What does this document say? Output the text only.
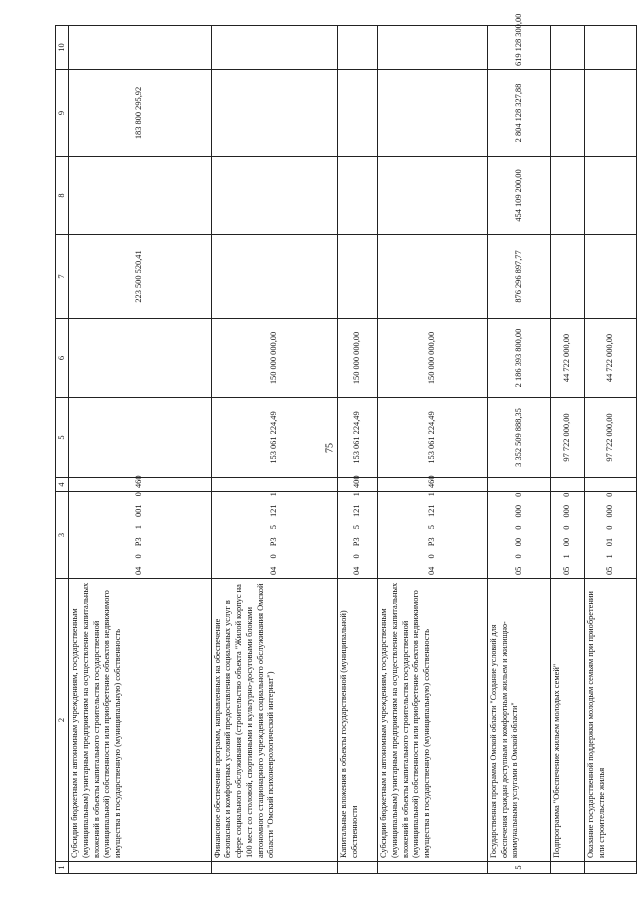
75
1	2	3	4	5	6	7	8	9	10
	Субсидии бюджетным и автономным учреждениям, государственным (муниципальным) унитарным предприятиям на осуществление капитальных вложений в объекты капитального строительства государственной (муниципальной) собственности или приобретение объектов недвижимого имущества в государственную (муниципальную) собственность	04 0 P3 1 001 0	460			223 500 520,41		183 800 295,92	
	Финансовое обеспечение программ, направленных на обеспечение безопасных и комфортных условий предоставления социальных услуг в сфере социального обслуживания (строительство объекта "Жилой корпус на 100 мест со столовой, спортивными и культурно-досуговыми блоками автономного стационарного учреждения социального обслуживания Омской области "Омский психоневрологический интернат")	04 0 P3 5 121 1		153 061 224,49	150 000 000,00				
	Капитальные вложения в объекты государственной (муниципальной) собственности	04 0 P3 5 121 1	400	153 061 224,49	150 000 000,00				
	Субсидии бюджетным и автономным учреждениям, государственным (муниципальным) унитарным предприятиям на осуществление капитальных вложений в объекты капитального строительства государственной (муниципальной) собственности или приобретение объектов недвижимого имущества в государственную (муниципальную) собственность	04 0 P3 5 121 1	460	153 061 224,49	150 000 000,00				
5	Государственная программа Омской области "Создание условий для обеспечения граждан доступным и комфортным жильем и жилищно-коммунальными услугами в Омской области"	05 0 00 0 000 0		3 352 509 888,35	2 186 393 800,00	876 296 897,77	454 109 200,00	2 804 128 327,88	619 128 300,00
	Подпрограмма "Обеспечение жильем молодых семей"	05 1 00 0 000 0		97 722 000,00	44 722 000,00				
	Оказание государственной поддержки молодым семьям при приобретении или строительстве жилья	05 1 01 0 000 0		97 722 000,00	44 722 000,00				
